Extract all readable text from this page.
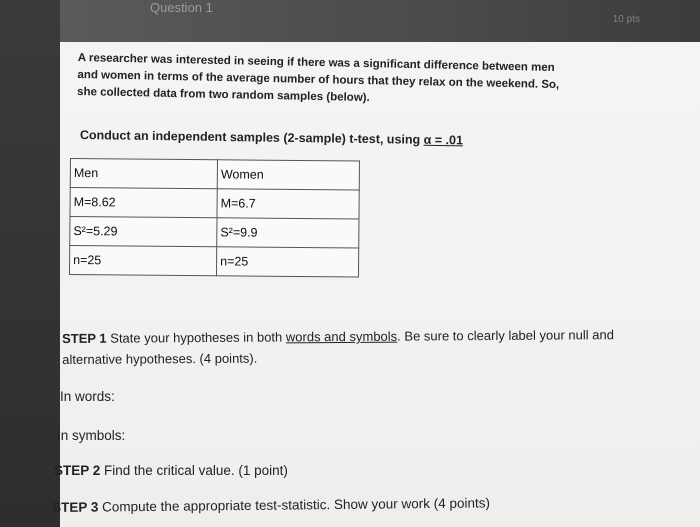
Question 1
10 pts
A researcher was interested in seeing if there was a significant difference between men
and women in terms of the average number of hours that they relax on the weekend. So,
she collected data from two random samples (below).
Conduct an independent samples (2-sample) t-test, using α = .01
Men	Women
M=8.62	M=6.7
S²=5.29	S²=9.9
n=25	n=25
STEP 1 State your hypotheses in both words and symbols. Be sure to clearly label your null and alternative hypotheses. (4 points).
In words:
In symbols:
STEP 2 Find the critical value. (1 point)
STEP 3 Compute the appropriate test-statistic. Show your work (4 points)
